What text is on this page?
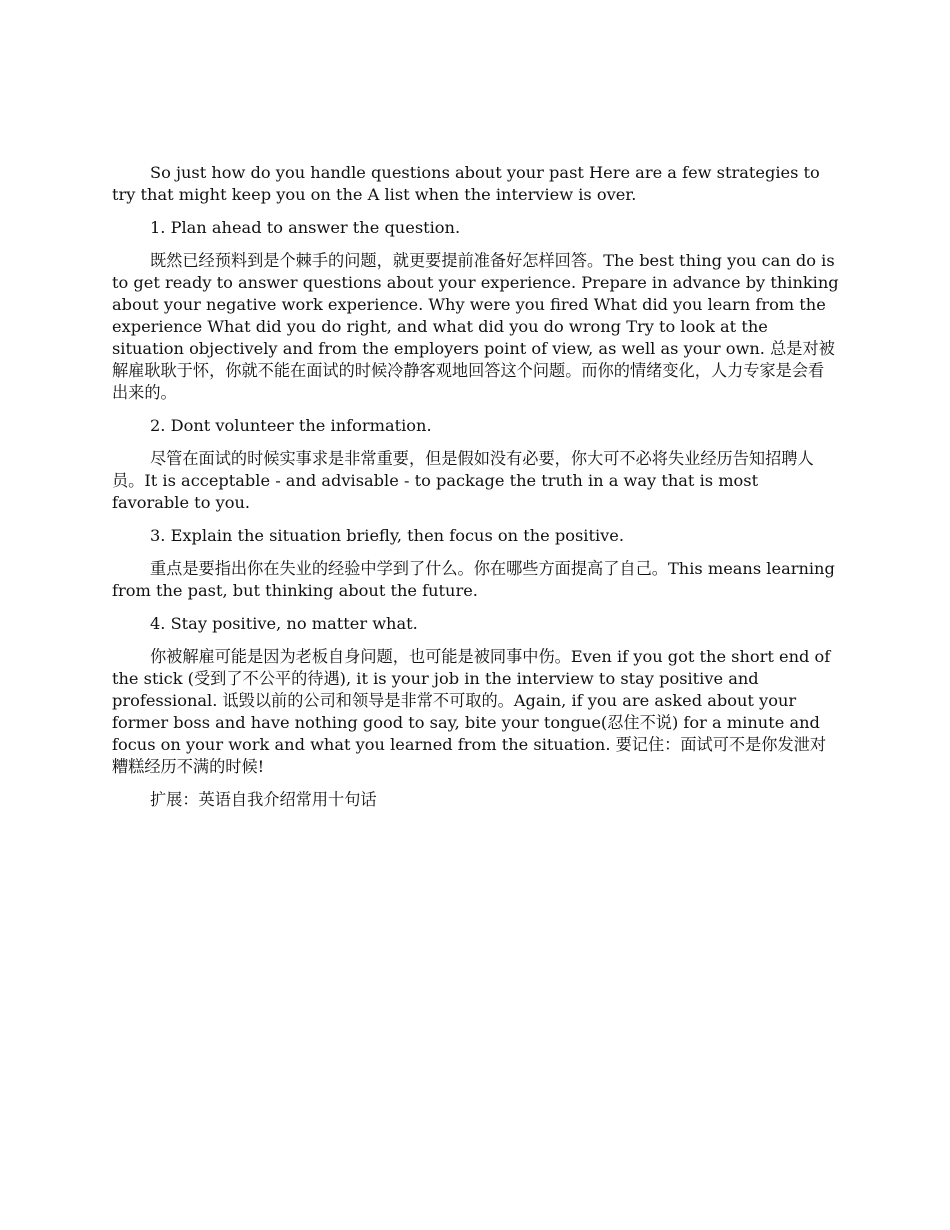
So just how do you handle questions about your past Here are a few strategies to try that might keep you on the A list when the interview is over.

1. Plan ahead to answer the question.

既然已经预料到是个棘手的问题，就更要提前准备好怎样回答。The best thing you can do is to get ready to answer questions about your experience. Prepare in advance by thinking about your negative work experience. Why were you fired What did you learn from the experience What did you do right, and what did you do wrong Try to look at the situation objectively and from the employers point of view, as well as your own. 总是对被解雇耿耿于怀，你就不能在面试的时候冷静客观地回答这个问题。而你的情绪变化，人力专家是会看出来的。

2. Dont volunteer the information.

尽管在面试的时候实事求是非常重要，但是假如没有必要，你大可不必将失业经历告知招聘人员。It is acceptable - and advisable - to package the truth in a way that is most favorable to you.

3. Explain the situation briefly, then focus on the positive.

重点是要指出你在失业的经验中学到了什么。你在哪些方面提高了自己。This means learning from the past, but thinking about the future.

4. Stay positive, no matter what.

你被解雇可能是因为老板自身问题，也可能是被同事中伤。Even if you got the short end of the stick (受到了不公平的待遇), it is your job in the interview to stay positive and professional. 诋毁以前的公司和领导是非常不可取的。Again, if you are asked about your former boss and have nothing good to say, bite your tongue(忍住不说) for a minute and focus on your work and what you learned from the situation. 要记住：面试可不是你发泄对糟糕经历不满的时候!

扩展：英语自我介绍常用十句话
